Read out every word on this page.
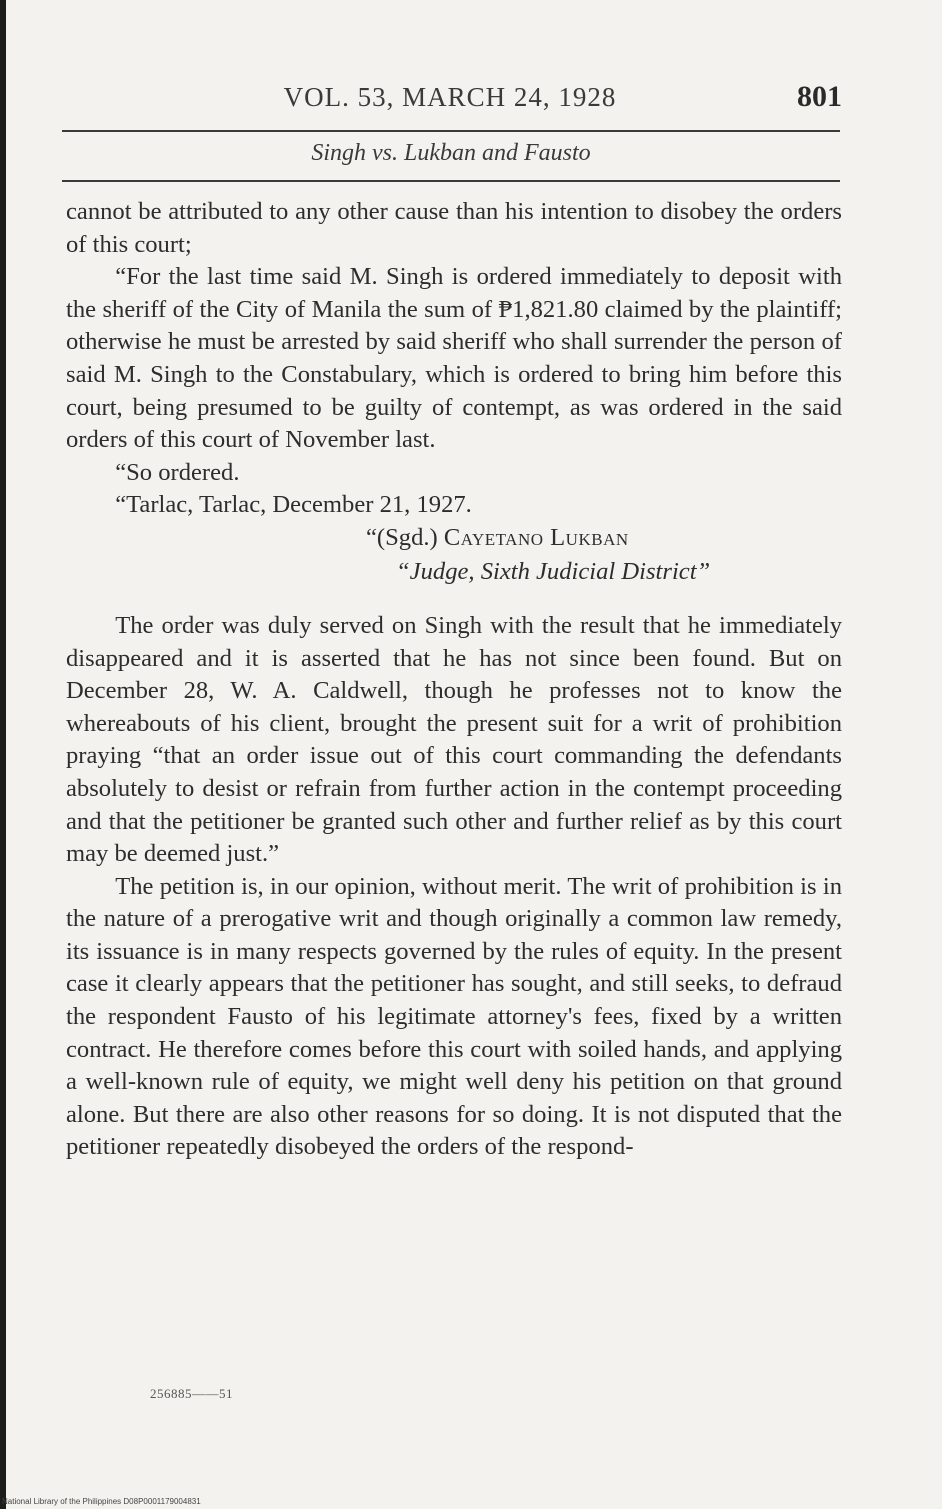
VOL. 53, MARCH 24, 1928	801
Singh vs. Lukban and Fausto

cannot be attributed to any other cause than his intention to disobey the orders of this court;

“For the last time said M. Singh is ordered immediately to deposit with the sheriff of the City of Manila the sum of ₱1,821.80 claimed by the plaintiff; otherwise he must be arrested by said sheriff who shall surrender the person of said M. Singh to the Constabulary, which is ordered to bring him before this court, being presumed to be guilty of contempt, as was ordered in the said orders of this court of November last.

“So ordered.

“Tarlac, Tarlac, December 21, 1927.

“(Sgd.) Cayetano Lukban
“Judge, Sixth Judicial District”

The order was duly served on Singh with the result that he immediately disappeared and it is asserted that he has not since been found. But on December 28, W. A. Caldwell, though he professes not to know the whereabouts of his client, brought the present suit for a writ of prohibition praying “that an order issue out of this court commanding the defendants absolutely to desist or refrain from further action in the contempt proceeding and that the petitioner be granted such other and further relief as by this court may be deemed just.”

The petition is, in our opinion, without merit. The writ of prohibition is in the nature of a prerogative writ and though originally a common law remedy, its issuance is in many respects governed by the rules of equity. In the present case it clearly appears that the petitioner has sought, and still seeks, to defraud the respondent Fausto of his legitimate attorney's fees, fixed by a written contract. He therefore comes before this court with soiled hands, and applying a well-known rule of equity, we might well deny his petition on that ground alone. But there are also other reasons for so doing. It is not disputed that the petitioner repeatedly disobeyed the orders of the respond-

256885——51
National Library of the Philippines D08P0001179004831
